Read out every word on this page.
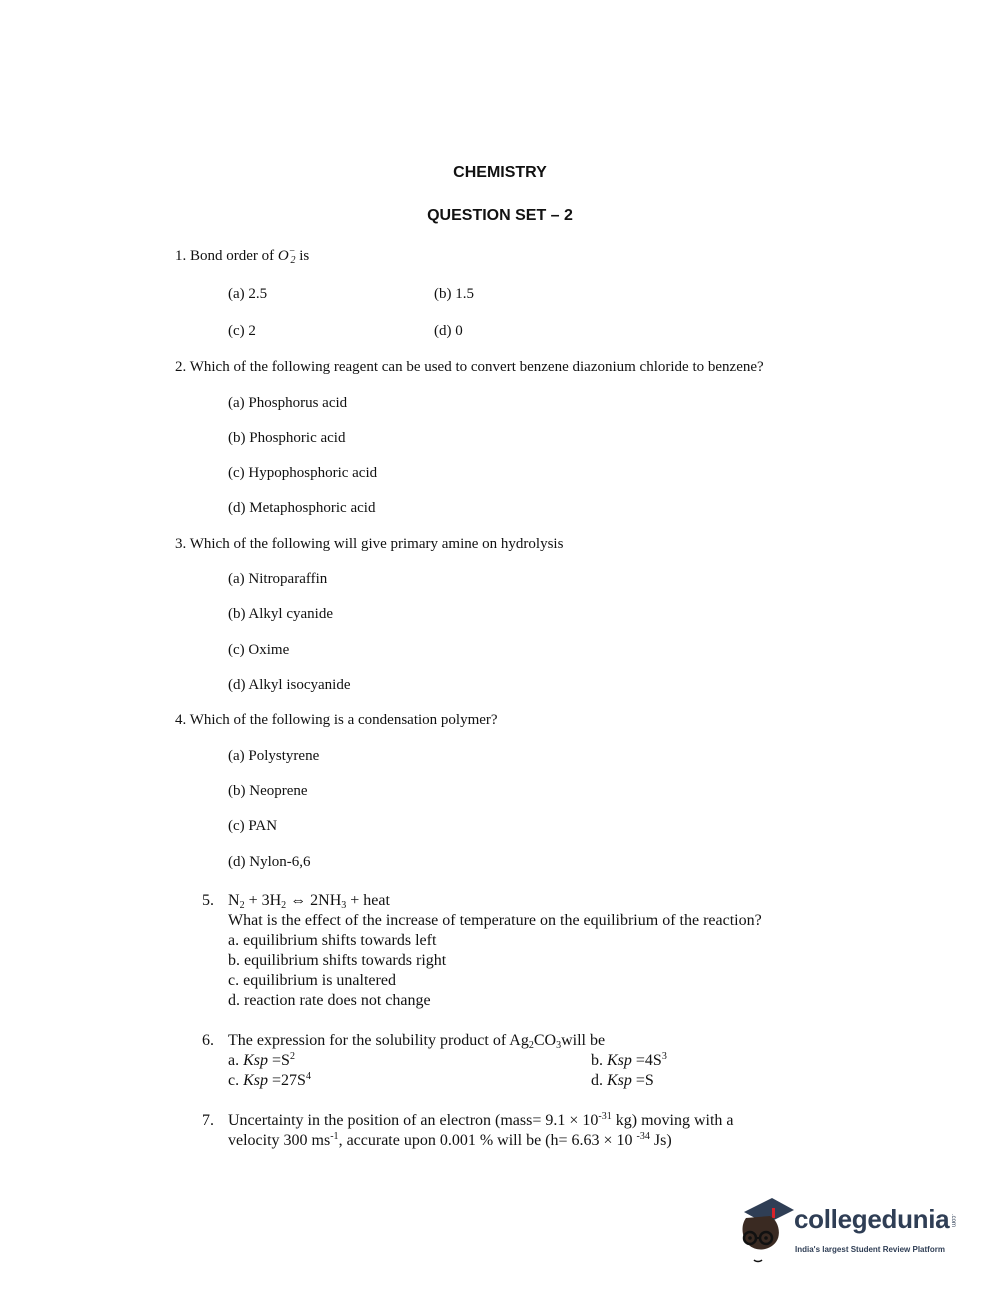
CHEMISTRY
QUESTION SET – 2
1. Bond order of $O^-_2$ is
(a) 2.5	(b) 1.5
(c) 2	(d) 0
2. Which of the following reagent can be used to convert benzene diazonium chloride to benzene?
(a) Phosphorus acid
(b) Phosphoric acid
(c) Hypophosphoric acid
(d) Metaphosphoric acid
3. Which of the following will give primary amine on hydrolysis
(a) Nitroparaffin
(b) Alkyl cyanide
(c) Oxime
(d) Alkyl isocyanide
4. Which of the following is a condensation polymer?
(a) Polystyrene
(b) Neoprene
(c) PAN
(d) Nylon-6,6
5. $N_2 + 3H_2$ ⇔ $2NH_3$ + heat
What is the effect of the increase of temperature on the equilibrium of the reaction?
a. equilibrium shifts towards left
b. equilibrium shifts towards right
c. equilibrium is unaltered
d. reaction rate does not change
6. The expression for the solubility product of $Ag_2CO_3will$ be
a. Ksp $=S^2$	b. Ksp $=4S^3$
c. Ksp $=27S^4$	d. Ksp =S
7. Uncertainty in the position of an electron (mass= $9.1 \times 10^{-31}$ kg) moving with a
velocity 300 $ms^{-1}$, accurate upon 0.001 % will be (h= 6.63 × 10 $^{-34}$ Js)
collegedunia .com
India's largest Student Review Platform
